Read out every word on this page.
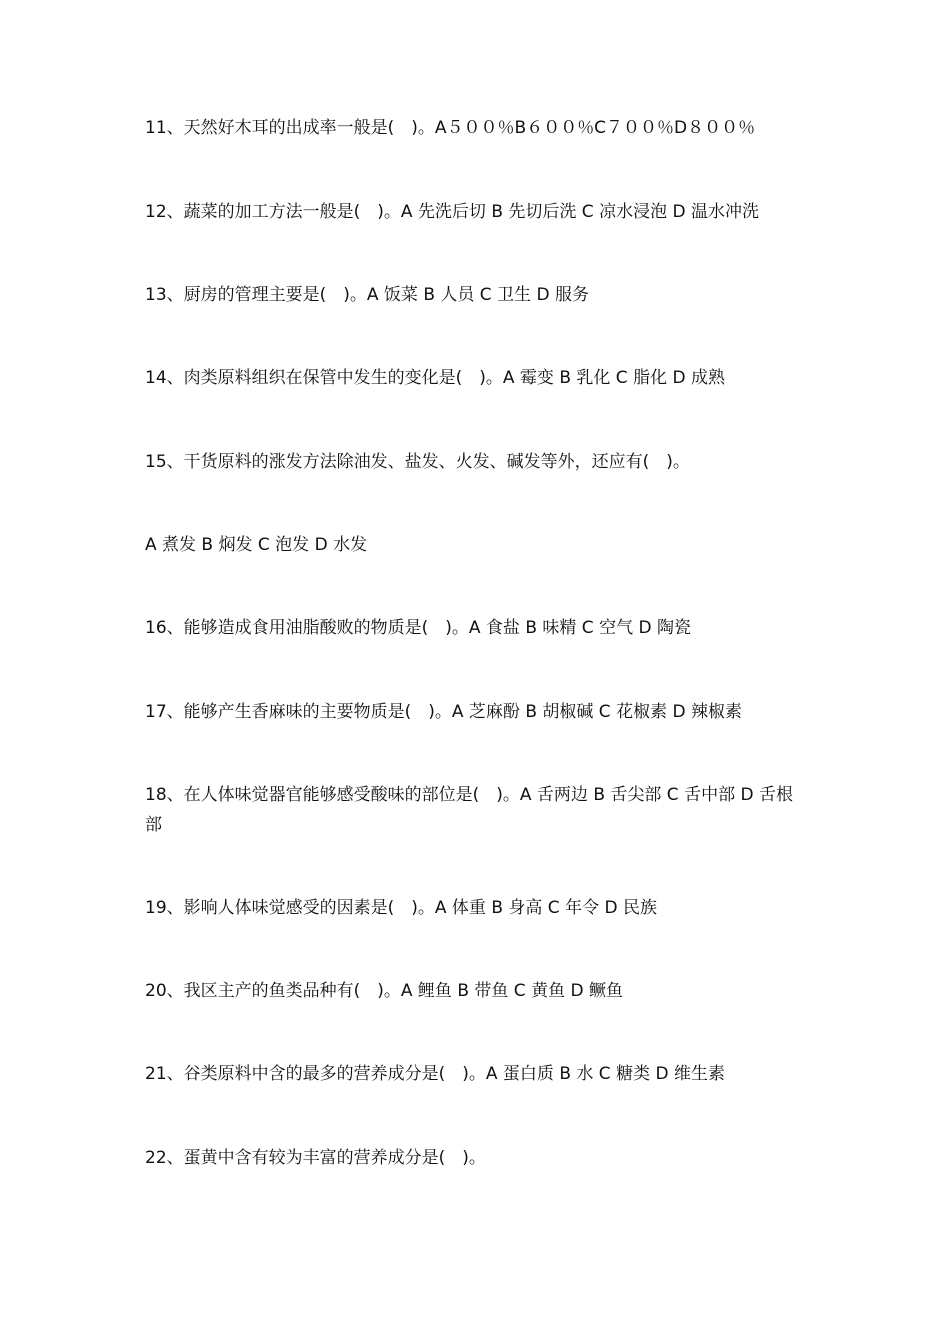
11、天然好木耳的出成率一般是(　)。A５００％B６００％C７００％D８００％
12、蔬菜的加工方法一般是(　)。A 先洗后切 B 先切后洗 C 凉水浸泡 D 温水冲洗
13、厨房的管理主要是(　)。A 饭菜 B 人员 C 卫生 D 服务
14、肉类原料组织在保管中发生的变化是(　)。A 霉变 B 乳化 C 脂化 D 成熟
15、干货原料的涨发方法除油发、盐发、火发、碱发等外，还应有(　)。
A 煮发 B 焖发 C 泡发 D 水发
16、能够造成食用油脂酸败的物质是(　)。A 食盐 B 味精 C 空气 D 陶瓷
17、能够产生香麻味的主要物质是(　)。A 芝麻酚 B 胡椒碱 C 花椒素 D 辣椒素
18、在人体味觉器官能够感受酸味的部位是(　)。A 舌两边 B 舌尖部 C 舌中部 D 舌根部
19、影响人体味觉感受的因素是(　)。A 体重 B 身高 C 年令 D 民族
20、我区主产的鱼类品种有(　)。A 鲤鱼 B 带鱼 C 黄鱼 D 鳜鱼
21、谷类原料中含的最多的营养成分是(　)。A 蛋白质 B 水 C 糖类 D 维生素
22、蛋黄中含有较为丰富的营养成分是(　)。
